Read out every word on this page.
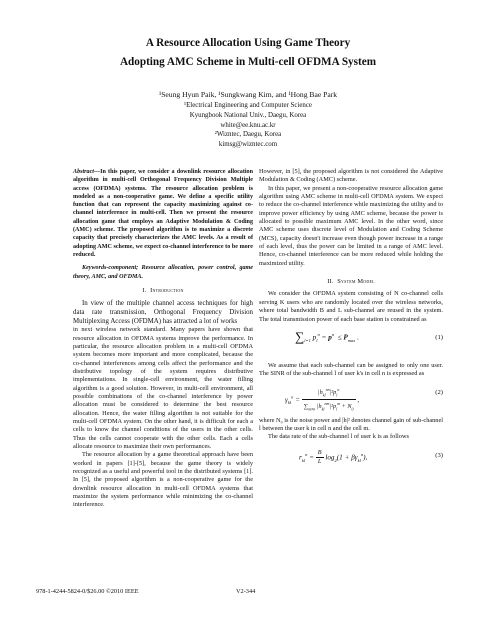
A Resource Allocation Using Game Theory
Adopting AMC Scheme in Multi-cell OFDMA System
¹Seung Hyun Paik, ¹Sungkwang Kim, and ¹Hong Bae Park
¹Electrical Engineering and Computer Science
Kyungbook National Univ., Daegu, Korea
white@ee.knu.ac.kr
²Wizntec, Daegu, Korea
kimsg@wizntec.com
Abstract—In this paper, we consider a downlink resource allocation algorithm in multi-cell Orthogonal Frequency Division Multiple access (OFDMA) systems. The resource allocation problem is modeled as a non-cooperative game. We define a specific utility function that can represent the capacity maximizing against co-channel interference in multi-cell. Then we present the resource allocation game that employs an Adaptive Modulation & Coding (AMC) scheme. The proposed algorithm is to maximize a discrete capacity that precisely characterizes the AMC levels. As a result of adopting AMC scheme, we expect co-channel interference to be more reduced.
Keywords-component; Resource allocation, power control, game theory, AMC, and OFDMA.
I. Introduction

In view of the multiple channel access techniques for high data rate transmission, Orthogonal Frequency Division Multiplexing Access (OFDMA) has attracted a lot of works

in next wireless network standard. Many papers have shown that resource allocation in OFDMA systems improve the performance. In particular, the resource allocation problem in a multi-cell OFDMA system becomes more important and more complicated, because the co-channel interferences among cells affect the performance and the distributive topology of the system requires distributive implementations. In single-cell environment, the water filling algorithm is a good solution. However, in multi-cell environment, all possible combinations of the co-channel interference by power allocation must be considered to determine the best resource allocation. Hence, the water filling algorithm is not suitable for the multi-cell OFDMA system. On the other hand, it is difficult for each a cells to know the channel conditions of the users in the other cells. Thus the cells cannot cooperate with the other cells. Each a cells allocate resource to maximize their own performances.

The resource allocation by a game theoretical approach have been worked in papers [1]-[5], because the game theory is widely recognized as a useful and powerful tool in the distributed systems [1]. In [5], the proposed algorithm is a non-cooperative game for the downlink resource allocation in multi-cell OFDMA systems that maximize the system performance while minimizing the co-channel interference.

However, in [5], the proposed algorithm is not considered the Adaptive Modulation & Coding (AMC) scheme.

In this paper, we present a non-cooperative resource allocation game algorithm using AMC scheme in multi-cell OFDMA system. We expect to reduce the co-channel interference while maximizing the utility and to improve power efficiency by using AMC scheme, because the power is allocated to possible maximum AMC level. In the other word, since AMC scheme uses discrete level of Modulation and Coding Scheme (MCS), capacity doesn't increase even though power increase in a range of each level, thus the power can be limited in a range of AMC level. Hence, co-channel interference can be more reduced while holding the maximized utility.

II. System Model

We consider the OFDMA system consisting of N co-channel cells serving K users who are randomly located over the wireless networks, where total bandwidth B and L sub-channel are reused in the system. The total transmission power of each base station is constrained as

$\sum_{l=1}$ $p_l^n = p^n \le P_{max}$ .	(1)

We assume that each sub-channel can be assigned to only one user. The SINR of the sub-channel l of user k's in cell n is expressed as

$\gamma_{kl}^n = \frac{|h_{kl}^{nn}|^2p_l^n}{\sum_{m\ne n} |h_{kl}^{nm}|^2p_l^m + N_0}$ ,
(2)

where N₀ is the noise power and |h|² denotes channel gain of sub-channel l between the user k in cell n and the cell m.

The data rate of the sub-channel l of user k is as follows

$r_{kl}^n = \frac{B}{L} \log_2(1 + \beta\gamma_{kl}^n)$,	(3)
978-1-4244-5824-0/$26.00 ©2010 IEEE	V2-344
